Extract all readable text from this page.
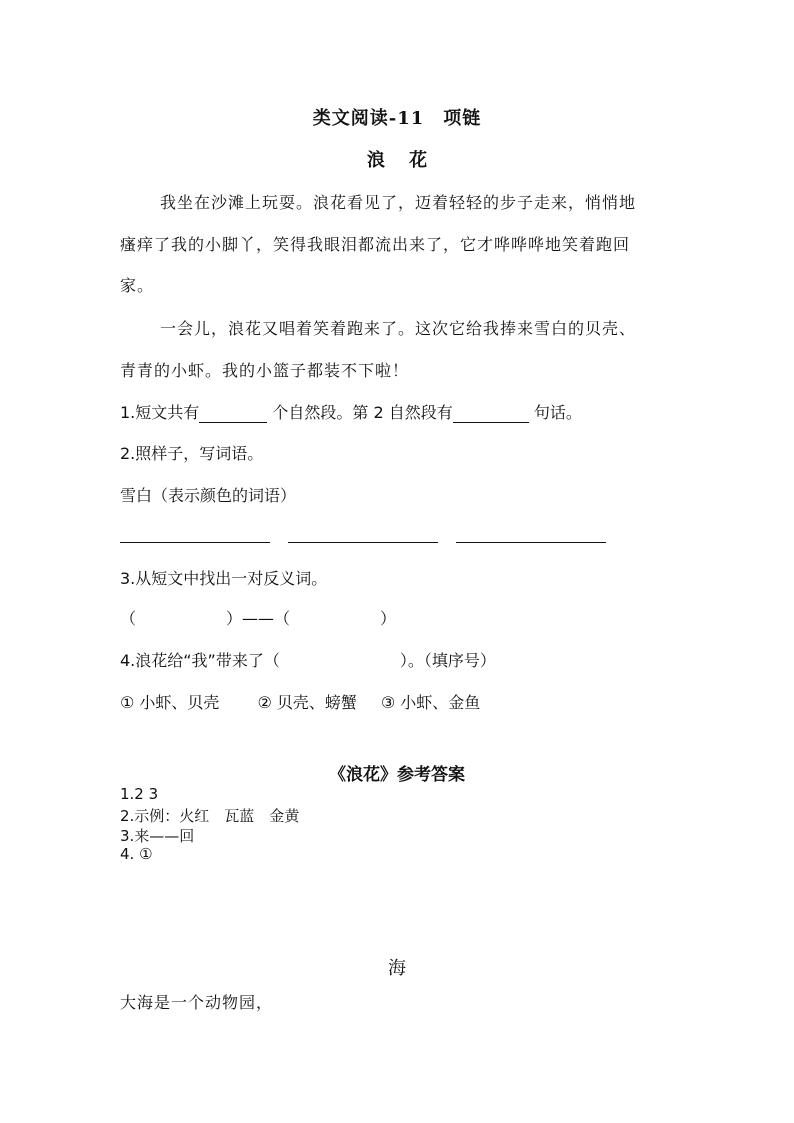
类文阅读-11　项链
浪　 花
我坐在沙滩上玩耍。浪花看见了，迈着轻轻的步子走来，悄悄地
瘙痒了我的小脚丫，笑得我眼泪都流出来了，它才哗哗哗地笑着跑回
家。
一会儿，浪花又唱着笑着跑来了。这次它给我捧来雪白的贝壳、
青青的小虾。我的小篮子都装不下啦！
1.短文共有	个自然段。第 2 自然段有	句话。
2.照样子，写词语。
雪白（表示颜色的词语）
3.从短文中找出一对反义词。
（	）——（	）
4.浪花给“我”带来了（	）。（填序号）
① 小虾、贝壳 ② 贝壳、螃蟹 ③ 小虾、金鱼
《浪花》参考答案
1.2 3
2.示例：火红　瓦蓝　金黄
3.来——回
4. ①
海
大海是一个动物园，
